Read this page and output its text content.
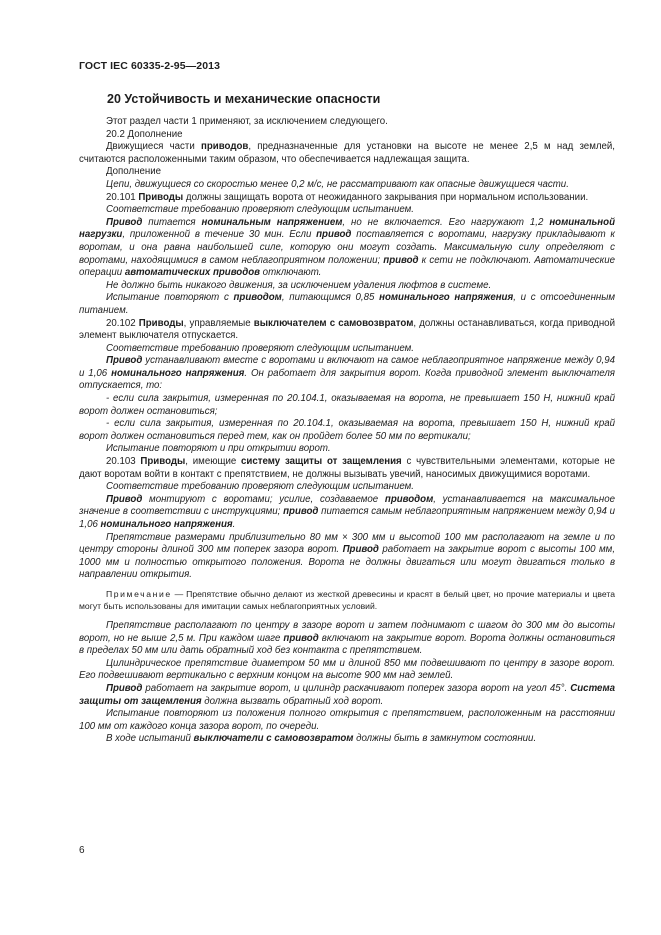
ГОСТ IEC 60335-2-95—2013
20 Устойчивость и механические опасности

Этот раздел части 1 применяют, за исключением следующего.

20.2 Дополнение

Движущиеся части приводов, предназначенные для установки на высоте не менее 2,5 м над землей, считаются расположенными таким образом, что обеспечивается надлежащая защита.

Дополнение

Цепи, движущиеся со скоростью менее 0,2 м/с, не рассматривают как опасные движущиеся части.

20.101 Приводы должны защищать ворота от неожиданного закрывания при нормальном использовании.

Соответствие требованию проверяют следующим испытанием.

Привод питается номинальным напряжением, но не включается. Его нагружают 1,2 номинальной нагрузки, приложенной в течение 30 мин. Если привод поставляется с воротами, нагрузку прикладывают к воротам, и она равна наибольшей силе, которую они могут создать. Максимальную силу определяют с воротами, находящимися в самом неблагоприятном положении; привод к сети не подключают. Автоматические операции автоматических приводов отключают.

Не должно быть никакого движения, за исключением удаления люфтов в системе.

Испытание повторяют с приводом, питающимся 0,85 номинального напряжения, и с отсоединенным питанием.

20.102 Приводы, управляемые выключателем с самовозвратом, должны останавливаться, когда приводной элемент выключателя отпускается.

Соответствие требованию проверяют следующим испытанием.

Привод устанавливают вместе с воротами и включают на самое неблагоприятное напряжение между 0,94 и 1,06 номинального напряжения. Он работает для закрытия ворот. Когда приводной элемент выключателя отпускается, то:

- если сила закрытия, измеренная по 20.104.1, оказываемая на ворота, не превышает 150 Н, нижний край ворот должен остановиться;

- если сила закрытия, измеренная по 20.104.1, оказываемая на ворота, превышает 150 Н, нижний край ворот должен остановиться перед тем, как он пройдет более 50 мм по вертикали;

Испытание повторяют и при открытии ворот.

20.103 Приводы, имеющие систему защиты от защемления с чувствительными элементами, которые не дают воротам войти в контакт с препятствием, не должны вызывать увечий, наносимых движущимися воротами.

Соответствие требованию проверяют следующим испытанием.

Привод монтируют с воротами; усилие, создаваемое приводом, устанавливается на максимальное значение в соответствии с инструкциями; привод питается самым неблагоприятным напряжением между 0,94 и 1,06 номинального напряжения.

Препятствие размерами приблизительно 80 мм × 300 мм и высотой 100 мм располагают на земле и по центру стороны длиной 300 мм поперек зазора ворот. Привод работает на закрытие ворот с высоты 100 мм, 1000 мм и полностью открытого положения. Ворота не должны двигаться или могут двигаться только в направлении открытия.

Примечание — Препятствие обычно делают из жесткой древесины и красят в белый цвет, но прочие материалы и цвета могут быть использованы для имитации самых неблагоприятных условий.

Препятствие располагают по центру в зазоре ворот и затем поднимают с шагом до 300 мм до высоты ворот, но не выше 2,5 м. При каждом шаге привод включают на закрытие ворот. Ворота должны остановиться в пределах 50 мм или дать обратный ход без контакта с препятствием.

Цилиндрическое препятствие диаметром 50 мм и длиной 850 мм подвешивают по центру в зазоре ворот. Его подвешивают вертикально с верхним концом на высоте 900 мм над землей.

Привод работает на закрытие ворот, и цилиндр раскачивают поперек зазора ворот на угол 45°. Система защиты от защемления должна вызвать обратный ход ворот.

Испытание повторяют из положения полного открытия с препятствием, расположенным на расстоянии 100 мм от каждого конца зазора ворот, по очереди.

В ходе испытаний выключатели с самовозвратом должны быть в замкнутом состоянии.

6
